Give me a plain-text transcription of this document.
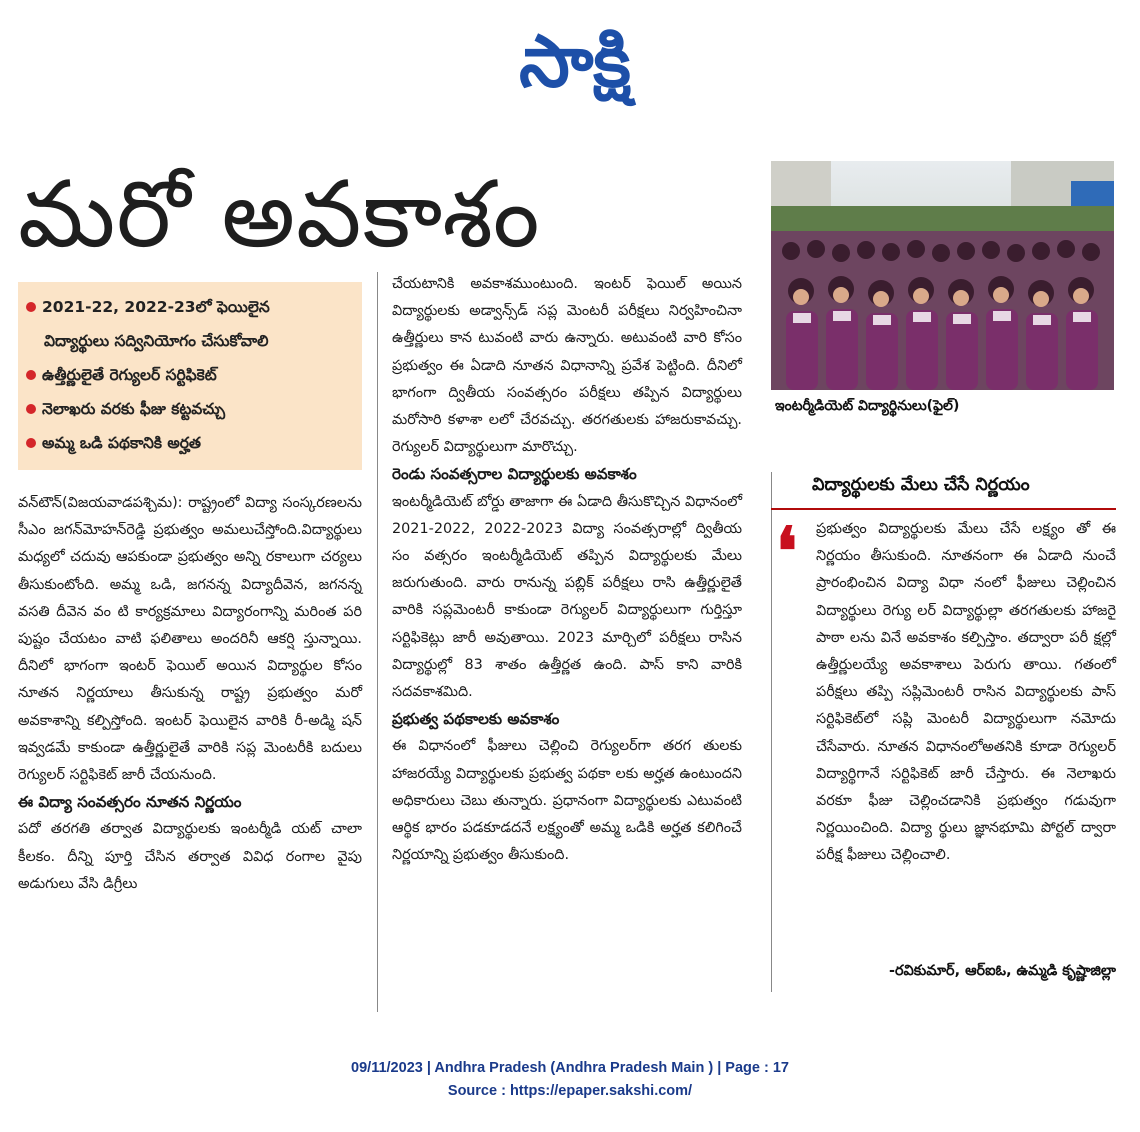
సాక్షి
మరో అవకాశం
2021-22, 2022-23లో ఫెయిలైన
విద్యార్థులు సద్వినియోగం చేసుకోవాలి
ఉత్తీర్ణులైతే రెగ్యులర్ సర్టిఫికెట్
నెలాఖరు వరకు ఫీజు కట్టవచ్చు
అమ్మ ఒడి పథకానికి అర్హత
ఇంటర్మీడియెట్ విద్యార్థినులు(ఫైల్)

వన్‌టౌన్(విజయవాడపశ్చిమ): రాష్ట్రంలో విద్యా సంస్కరణలను సీఎం జగన్‌మోహన్‌రెడ్డి ప్రభుత్వం అమలుచేస్తోంది.విద్యార్థులు మధ్యలో చదువు ఆపకుండా ప్రభుత్వం అన్ని రకాలుగా చర్యలు తీసుకుంటోంది. అమ్మ ఒడి, జగనన్న విద్యాదీవెన, జగనన్న వసతి దీవెన వం టి కార్యక్రమాలు విద్యారంగాన్ని మరింత పరి పుష్టం చేయటం వాటి ఫలితాలు అందరినీ ఆకర్షి స్తున్నాయి. దీనిలో భాగంగా ఇంటర్ ఫెయిల్ అయిన విద్యార్థుల కోసం నూతన నిర్ణయాలు తీసుకున్న రాష్ట్ర ప్రభుత్వం మరో అవకాశాన్ని కల్పిస్తోంది. ఇంటర్ ఫెయిలైన వారికి రీ-అడ్మి షన్ ఇవ్వడమే కాకుండా ఉత్తీర్ణులైతే వారికి సప్ల మెంటరీకి బదులు రెగ్యులర్ సర్టిఫికెట్ జారీ చేయనుంది.

ఈ విద్యా సంవత్సరం నూతన నిర్ణయం

పదో తరగతి తర్వాత విద్యార్థులకు ఇంటర్మీడి యట్ చాలా కీలకం. దీన్ని పూర్తి చేసిన తర్వాత వివిధ రంగాల వైపు అడుగులు వేసి డిగ్రీలు

చేయటానికి అవకాశముంటుంది. ఇంటర్ ఫెయిల్ అయిన విద్యార్థులకు అడ్వాన్స్‌డ్ సప్ల మెంటరీ పరీక్షలు నిర్వహించినా ఉత్తీర్ణులు కాన టువంటి వారు ఉన్నారు. అటువంటి వారి కోసం ప్రభుత్వం ఈ ఏడాది నూతన విధానాన్ని ప్రవేశ పెట్టింది. దీనిలో భాగంగా ద్వితీయ సంవత్సరం పరీక్షలు తప్పిన విద్యార్థులు మరోసారి కళాశా లలో చేరవచ్చు. తరగతులకు హాజరుకావచ్చు. రెగ్యులర్ విద్యార్థులుగా మారొచ్చు.

రెండు సంవత్సరాల విద్యార్థులకు అవకాశం

ఇంటర్మీడియెట్ బోర్డు తాజాగా ఈ ఏడాది తీసుకొచ్చిన విధానంలో 2021-2022, 2022-2023 విద్యా సంవత్సరాల్లో ద్వితీయ సం వత్సరం ఇంటర్మీడియెట్ తప్పిన విద్యార్థులకు మేలు జరుగుతుంది. వారు రానున్న పబ్లిక్ పరీక్షలు రాసి ఉత్తీర్ణులైతే వారికి సప్లమెంటరీ కాకుండా రెగ్యులర్ విద్యార్థులుగా గుర్తిస్తూ సర్టిఫికెట్లు జారీ అవుతాయి. 2023 మార్చిలో పరీక్షలు రాసిన విద్యార్థుల్లో 83 శాతం ఉత్తీర్ణత ఉంది. పాస్ కాని వారికి సదవకాశమిది.

ప్రభుత్వ పథకాలకు అవకాశం

ఈ విధానంలో ఫీజులు చెల్లించి రెగ్యులర్‌గా తరగ తులకు హాజరయ్యే విద్యార్థులకు ప్రభుత్వ పథకా లకు అర్హత ఉంటుందని అధికారులు చెబు తున్నారు. ప్రధానంగా విద్యార్థులకు ఎటువంటి ఆర్థిక భారం పడకూడదనే లక్ష్యంతో అమ్మ ఒడికి అర్హత కలిగించే నిర్ణయాన్ని ప్రభుత్వం తీసుకుంది.

విద్యార్థులకు మేలు చేసే నిర్ణయం
❛ ప్రభుత్వం విద్యార్థులకు మేలు చేసే లక్ష్యం తో ఈ నిర్ణయం తీసుకుంది. నూతనంగా ఈ ఏడాది నుంచే ప్రారంభించిన విద్యా విధా నంలో ఫీజులు చెల్లించిన విద్యార్థులు రెగ్యు లర్ విద్యార్థుల్లా తరగతులకు హాజరై పాఠా లను వినే అవకాశం కల్పిస్తాం. తద్వారా పరీ క్షల్లో ఉత్తీర్ణులయ్యే అవకాశాలు పెరుగు తాయి. గతంలో పరీక్షలు తప్పి సప్లిమెంటరీ రాసిన విద్యార్థులకు పాస్ సర్టిఫికెట్‌లో సప్లి మెంటరీ విద్యార్థులుగా నమోదు చేసేవారు. నూతన విధానంలోఅతనికి కూడా రెగ్యులర్ విద్యార్థిగానే సర్టిఫికెట్ జారీ చేస్తారు. ఈ నెలాఖరు వరకూ ఫీజు చెల్లించడానికి ప్రభుత్వం గడువుగా నిర్ణయించింది. విద్యా ర్థులు జ్ఞానభూమి పోర్టల్ ద్వారా పరీక్ష ఫీజులు చెల్లించాలి.

-రవికుమార్, ఆర్ఐఓ, ఉమ్మడి కృష్ణాజిల్లా
09/11/2023 | Andhra Pradesh (Andhra Pradesh Main ) | Page : 17
Source : https://epaper.sakshi.com/
